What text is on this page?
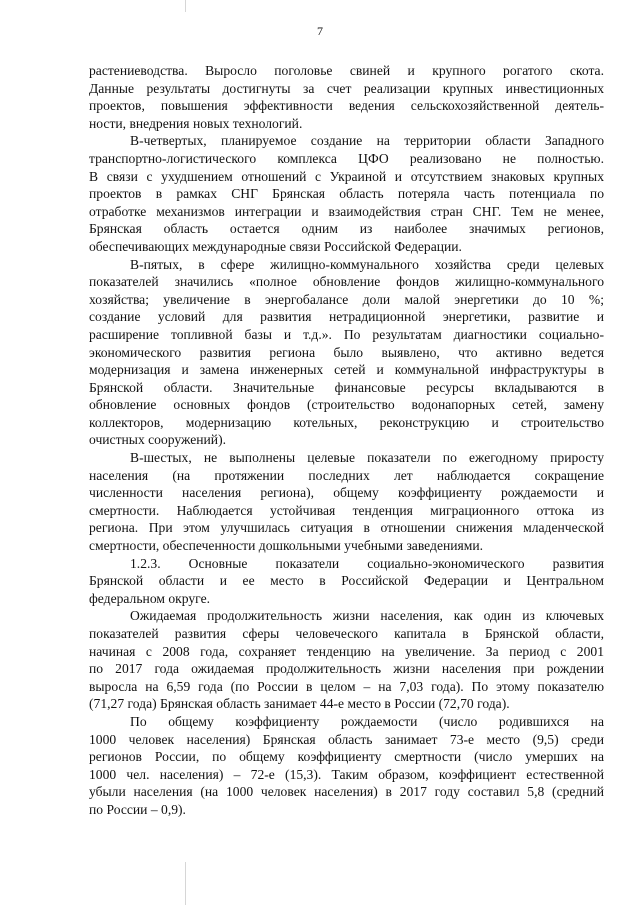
7
растениеводства. Выросло поголовье свиней и крупного рогатого скота.
Данные результаты достигнуты за счет реализации крупных инвестиционных
проектов, повышения эффективности ведения сельскохозяйственной деятель-
ности, внедрения новых технологий.
В-четвертых, планируемое создание на территории области Западного
транспортно-логистического комплекса ЦФО реализовано не полностью.
В связи с ухудшением отношений с Украиной и отсутствием знаковых крупных
проектов в рамках СНГ Брянская область потеряла часть потенциала по
отработке механизмов интеграции и взаимодействия стран СНГ. Тем не менее,
Брянская область остается одним из наиболее значимых регионов,
обеспечивающих международные связи Российской Федерации.
В-пятых, в сфере жилищно-коммунального хозяйства среди целевых
показателей значились «полное обновление фондов жилищно-коммунального
хозяйства; увеличение в энергобалансе доли малой энергетики до 10 %;
создание условий для развития нетрадиционной энергетики, развитие и
расширение топливной базы и т.д.». По результатам диагностики социально-
экономического развития региона было выявлено, что активно ведется
модернизация и замена инженерных сетей и коммунальной инфраструктуры в
Брянской области. Значительные финансовые ресурсы вкладываются в
обновление основных фондов (строительство водонапорных сетей, замену
коллекторов, модернизацию котельных, реконструкцию и строительство
очистных сооружений).
В-шестых, не выполнены целевые показатели по ежегодному приросту
населения (на протяжении последних лет наблюдается сокращение
численности населения региона), общему коэффициенту рождаемости и
смертности. Наблюдается устойчивая тенденция миграционного оттока из
региона. При этом улучшилась ситуация в отношении снижения младенческой
смертности, обеспеченности дошкольными учебными заведениями.
1.2.3. Основные показатели социально-экономического развития
Брянской области и ее место в Российской Федерации и Центральном
федеральном округе.
Ожидаемая продолжительность жизни населения, как один из ключевых
показателей развития сферы человеческого капитала в Брянской области,
начиная с 2008 года, сохраняет тенденцию на увеличение. За период с 2001
по 2017 года ожидаемая продолжительность жизни населения при рождении
выросла на 6,59 года (по России в целом – на 7,03 года). По этому показателю
(71,27 года) Брянская область занимает 44-е место в России (72,70 года).
По общему коэффициенту рождаемости (число родившихся на
1000 человек населения) Брянская область занимает 73-е место (9,5) среди
регионов России, по общему коэффициенту смертности (число умерших на
1000 чел. населения) – 72-е (15,3). Таким образом, коэффициент естественной
убыли населения (на 1000 человек населения) в 2017 году составил 5,8 (средний
по России – 0,9).
